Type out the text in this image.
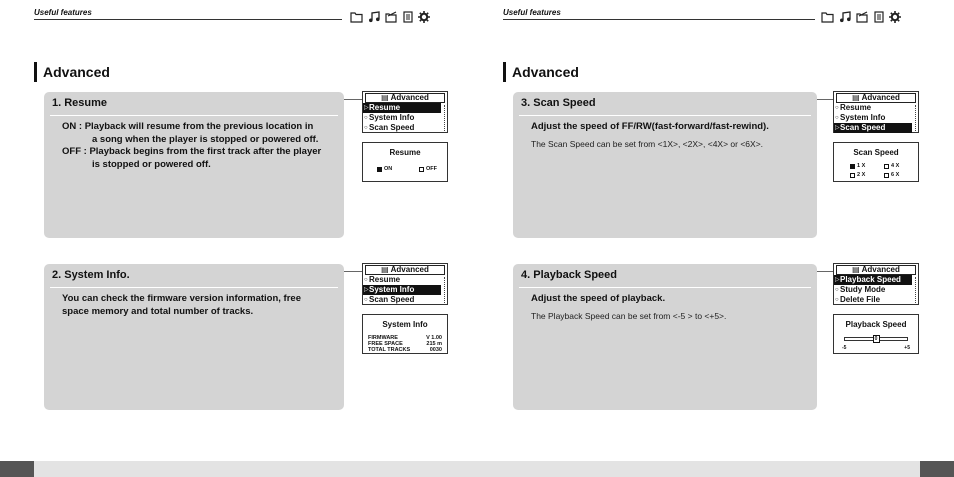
Useful features
Advanced
1. Resume
ON : Playback will resume from the previous location in
a song when the player is stopped or powered off.
OFF : Playback begins from the first track after the player
is stopped or powered off.
▤ Advanced
▷ Resume
○ System Info
○ Scan Speed
Resume
ON	OFF
2. System Info.
You can check the firmware version information, free
space memory and total number of tracks.
▤ Advanced
○ Resume
▷ System Info
○ Scan Speed
System Info
FIRMWARE	V 1.00
FREE SPACE	215 m
TOTAL TRACKS	0030
Useful features
Advanced
3. Scan Speed
Adjust the speed of FF/RW(fast-forward/fast-rewind).
The Scan Speed can be set from <1X>, <2X>, <4X> or <6X>.
▤ Advanced
○ Resume
○ System Info
▷ Scan Speed
Scan Speed
1 X	4 X
2 X	6 X
4. Playback Speed
Adjust the speed of playback.
The Playback Speed can be set from <-5 > to <+5>.
▤ Advanced
▷ Playback Speed
○ Study Mode
○ Delete File
Playback Speed
0
-5	+5
